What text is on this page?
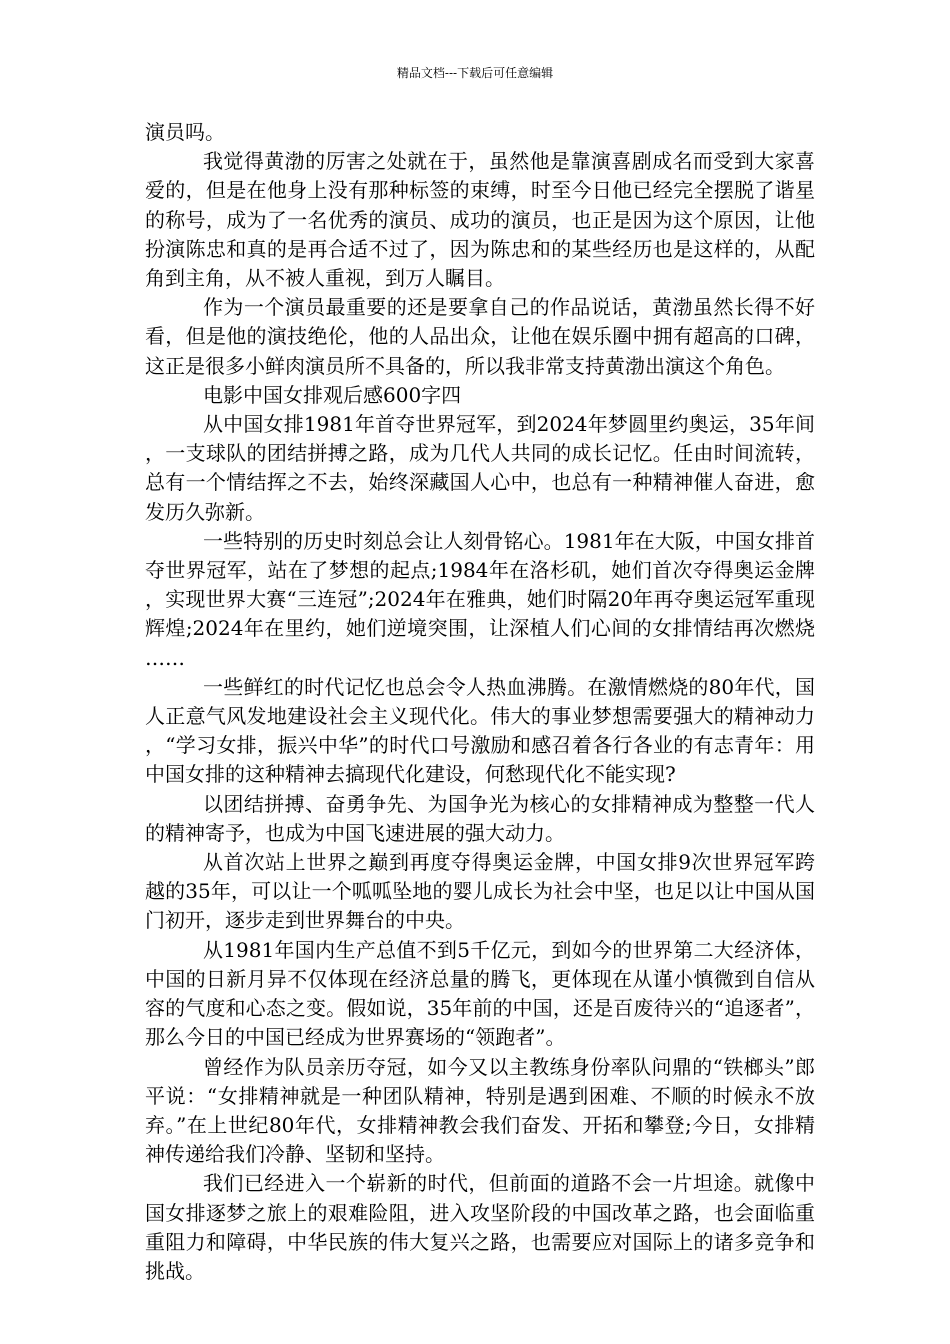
精品文档---下载后可任意编辑

演员吗。

我觉得黄渤的厉害之处就在于，虽然他是靠演喜剧成名而受到大家喜爱的，但是在他身上没有那种标签的束缚，时至今日他已经完全摆脱了谐星的称号，成为了一名优秀的演员、成功的演员，也正是因为这个原因，让他扮演陈忠和真的是再合适不过了，因为陈忠和的某些经历也是这样的，从配角到主角，从不被人重视，到万人瞩目。

作为一个演员最重要的还是要拿自己的作品说话，黄渤虽然长得不好看，但是他的演技绝伦，他的人品出众，让他在娱乐圈中拥有超高的口碑，这正是很多小鲜肉演员所不具备的，所以我非常支持黄渤出演这个角色。

电影中国女排观后感600字四

从中国女排1981年首夺世界冠军，到2024年梦圆里约奥运，35年间，一支球队的团结拼搏之路，成为几代人共同的成长记忆。任由时间流转，总有一个情结挥之不去，始终深藏国人心中，也总有一种精神催人奋进，愈发历久弥新。

一些特别的历史时刻总会让人刻骨铭心。1981年在大阪，中国女排首夺世界冠军，站在了梦想的起点;1984年在洛杉矶，她们首次夺得奥运金牌，实现世界大赛“三连冠”;2024年在雅典，她们时隔20年再夺奥运冠军重现辉煌;2024年在里约，她们逆境突围，让深植人们心间的女排情结再次燃烧……

一些鲜红的时代记忆也总会令人热血沸腾。在激情燃烧的80年代，国人正意气风发地建设社会主义现代化。伟大的事业梦想需要强大的精神动力，“学习女排，振兴中华”的时代口号激励和感召着各行各业的有志青年：用中国女排的这种精神去搞现代化建设，何愁现代化不能实现?

以团结拼搏、奋勇争先、为国争光为核心的女排精神成为整整一代人的精神寄予，也成为中国飞速进展的强大动力。

从首次站上世界之巅到再度夺得奥运金牌，中国女排9次世界冠军跨越的35年，可以让一个呱呱坠地的婴儿成长为社会中坚，也足以让中国从国门初开，逐步走到世界舞台的中央。

从1981年国内生产总值不到5千亿元，到如今的世界第二大经济体，中国的日新月异不仅体现在经济总量的腾飞，更体现在从谨小慎微到自信从容的气度和心态之变。假如说，35年前的中国，还是百废待兴的“追逐者”，那么今日的中国已经成为世界赛场的“领跑者”。

曾经作为队员亲历夺冠，如今又以主教练身份率队问鼎的“铁榔头”郎平说：“女排精神就是一种团队精神，特别是遇到困难、不顺的时候永不放弃。”在上世纪80年代，女排精神教会我们奋发、开拓和攀登;今日，女排精神传递给我们冷静、坚韧和坚持。

我们已经进入一个崭新的时代，但前面的道路不会一片坦途。就像中国女排逐梦之旅上的艰难险阻，进入攻坚阶段的中国改革之路，也会面临重重阻力和障碍，中华民族的伟大复兴之路，也需要应对国际上的诸多竞争和挑战。
